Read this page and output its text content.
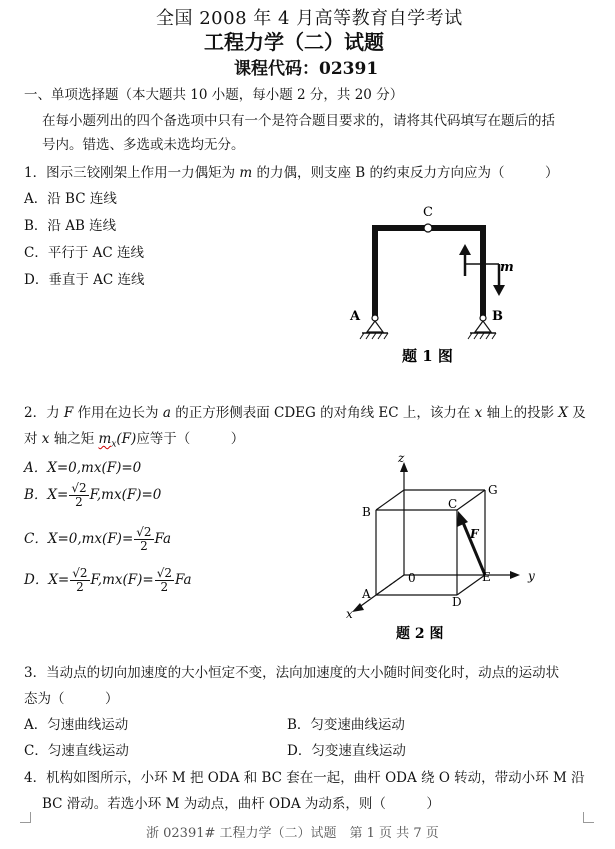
全国 2008 年 4 月高等教育自学考试
工程力学（二）试题
课程代码：02391
一、单项选择题（本大题共 10 小题，每小题 2 分，共 20 分）
在每小题列出的四个备选项中只有一个是符合题目要求的，请将其代码填写在题后的括
号内。错选、多选或未选均无分。
1．图示三铰刚架上作用一力偶矩为 m 的力偶，则支座 B 的约束反力方向应为（　　　）
A．沿 BC 连线
B．沿 AB 连线
C．平行于 AC 连线
D．垂直于 AC 连线
C
A	B
m
题 1 图
2．力 F 作用在边长为 a 的正方形侧表面 CDEG 的对角线 EC 上，该力在 x 轴上的投影 X 及
对 x 轴之矩 $m_x(F)$应等于（　　　）
A．X=0,mx(F)=0
B．$X= \frac{√2}{2} F,mx(F)=0$
C．$X=0,mx(F)= \frac{√2}{2}$ Fa
D．$X= \frac{√2}{2} F,mx(F)= \frac{√2}{2}$ Fa
z
y
x
F
B
C
G
0	E
A
D
题 2 图
3．当动点的切向加速度的大小恒定不变，法向加速度的大小随时间变化时，动点的运动状
态为（　　　）
A．匀速曲线运动	B．匀变速曲线运动
C．匀速直线运动	D．匀变速直线运动
4．机构如图所示，小环 M 把 ODA 和 BC 套在一起，曲杆 ODA 绕 O 转动，带动小环 M 沿
BC 滑动。若选小环 M 为动点，曲杆 ODA 为动系，则（　　　）
浙 02391# 工程力学（二）试题　第 1 页 共 7 页
